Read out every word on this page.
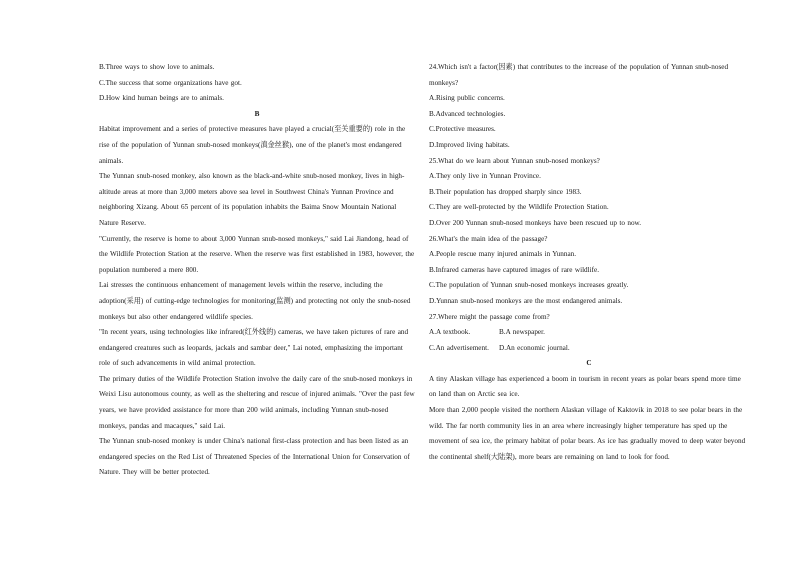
B.Three ways to show love to animals.

C.The success that some organizations have got.

D.How kind human beings are to animals.

B

Habitat improvement and a series of protective measures have played a crucial(至关重要的) role in the rise of the population of Yunnan snub-nosed monkeys(滇金丝猴), one of the planet's most endangered animals.

The Yunnan snub-nosed monkey, also known as the black-and-white snub-nosed monkey, lives in high-altitude areas at more than 3,000 meters above sea level in Southwest China's Yunnan Province and neighboring Xizang. About 65 percent of its population inhabits the Baima Snow Mountain National Nature Reserve.

"Currently, the reserve is home to about 3,000 Yunnan snub-nosed monkeys," said Lai Jiandong, head of the Wildlife Protection Station at the reserve. When the reserve was first established in 1983, however, the population numbered a mere 800.

Lai stresses the continuous enhancement of management levels within the reserve, including the adoption(采用) of cutting-edge technologies for monitoring(监测) and protecting not only the snub-nosed monkeys but also other endangered wildlife species.

"In recent years, using technologies like infrared(红外线的) cameras, we have taken pictures of rare and endangered creatures such as leopards, jackals and sambar deer," Lai noted, emphasizing the important role of such advancements in wild animal protection.

The primary duties of the Wildlife Protection Station involve the daily care of the snub-nosed monkeys in Weixi Lisu autonomous county, as well as the sheltering and rescue of injured animals. "Over the past few years, we have provided assistance for more than 200 wild animals, including Yunnan snub-nosed monkeys, pandas and macaques," said Lai.

The Yunnan snub-nosed monkey is under China's national first-class protection and has been listed as an endangered species on the Red List of Threatened Species of the International Union for Conservation of Nature. They will be better protected.

24.Which isn't a factor(因素) that contributes to the increase of the population of Yunnan snub-nosed monkeys?

A.Rising public concerns.

B.Advanced technologies.

C.Protective measures.

D.Improved living habitats.

25.What do we learn about Yunnan snub-nosed monkeys?

A.They only live in Yunnan Province.

B.Their population has dropped sharply since 1983.

C.They are well-protected by the Wildlife Protection Station.

D.Over 200 Yunnan snub-nosed monkeys have been rescued up to now.

26.What's the main idea of the passage?

A.People rescue many injured animals in Yunnan.

B.Infrared cameras have captured images of rare wildlife.

C.The population of Yunnan snub-nosed monkeys increases greatly.

D.Yunnan snub-nosed monkeys are the most endangered animals.

27.Where might the passage come from?

A.A textbook.	B.A newspaper.

C.An advertisement.	D.An economic journal.

C

A tiny Alaskan village has experienced a boom in tourism in recent years as polar bears spend more time on land than on Arctic sea ice.

More than 2,000 people visited the northern Alaskan village of Kaktovik in 2018 to see polar bears in the wild. The far north community lies in an area where increasingly higher temperature has sped up the movement of sea ice, the primary habitat of polar bears. As ice has gradually moved to deep water beyond the continental shelf(大陆架), more bears are remaining on land to look for food.
